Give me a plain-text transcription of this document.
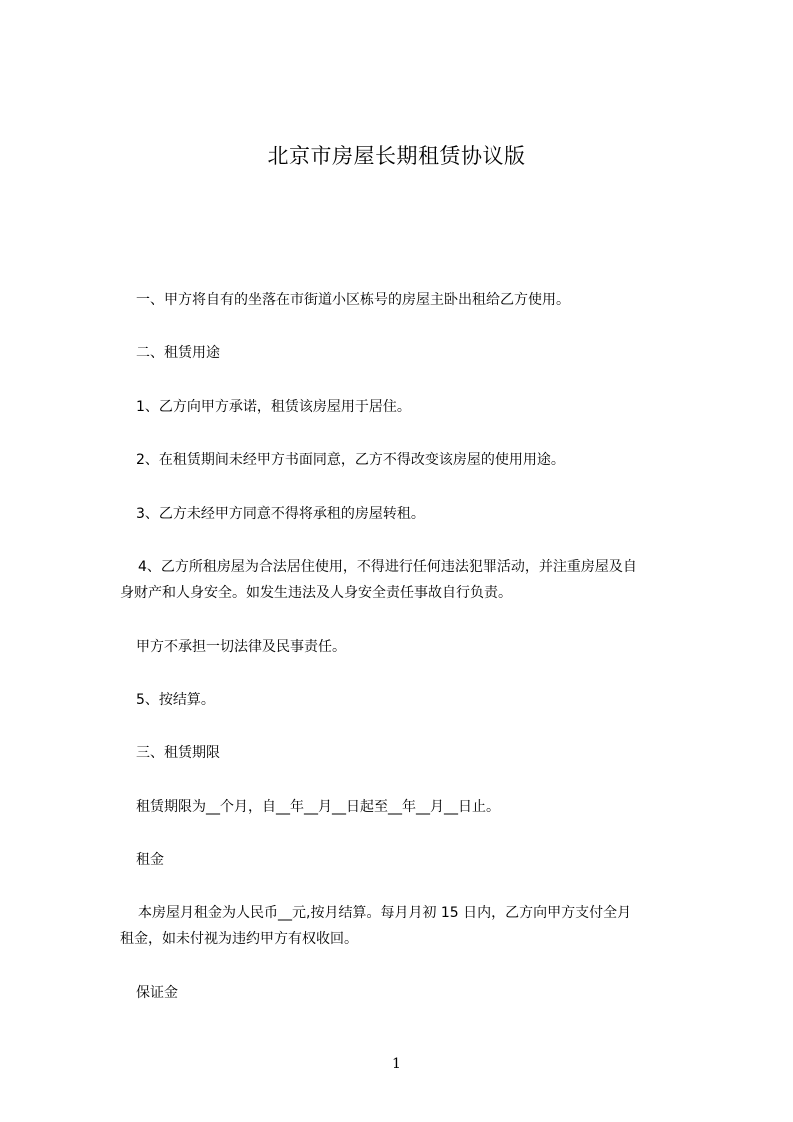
北京市房屋长期租赁协议版
一、甲方将自有的坐落在市街道小区栋号的房屋主卧出租给乙方使用。
二、租赁用途
1、乙方向甲方承诺，租赁该房屋用于居住。
2、在租赁期间未经甲方书面同意，乙方不得改变该房屋的使用用途。
3、乙方未经甲方同意不得将承租的房屋转租。
4、乙方所租房屋为合法居住使用，不得进行任何违法犯罪活动，并注重房屋及自
身财产和人身安全。如发生违法及人身安全责任事故自行负责。
甲方不承担一切法律及民事责任。
5、按结算。
三、租赁期限
租赁期限为__个月，自__年__月__日起至__年__月__日止。
租金
本房屋月租金为人民币__元,按月结算。每月月初 15 日内，乙方向甲方支付全月
租金，如未付视为违约甲方有权收回。
保证金
1
